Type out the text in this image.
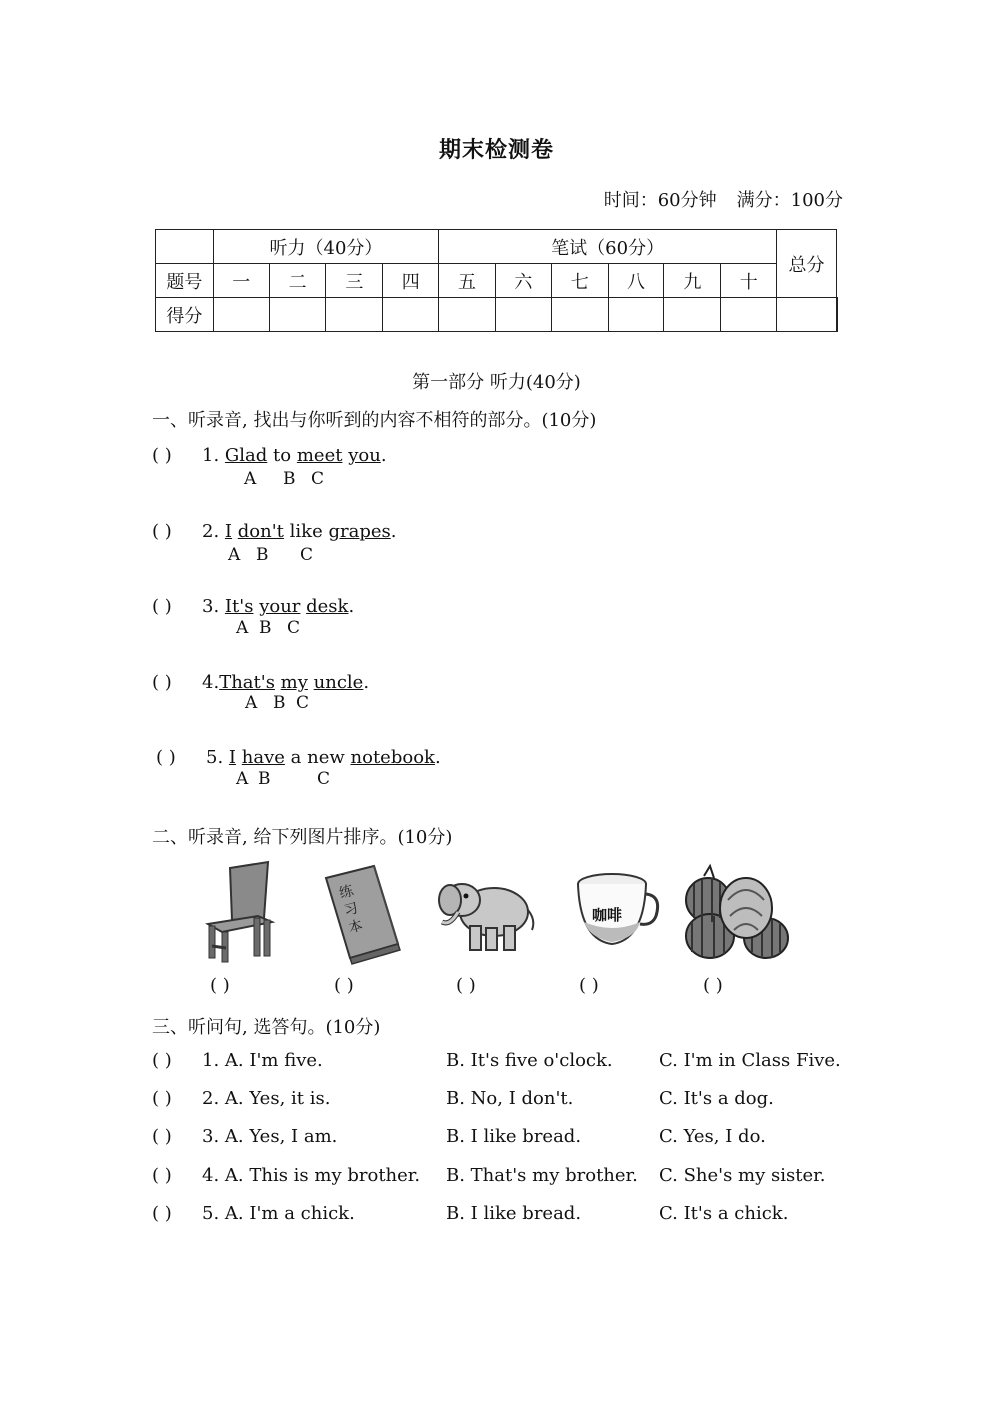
期末检测卷
时间：60分钟 满分：100分
	听力（40分）				笔试（60分）						总分	
题号	一	二	三	四	五	六	七	八	九	十		
得分												
第一部分 听力(40分)
一、听录音, 找出与你听到的内容不相符的部分。(10分)
( ) 1. Glad to meet you.
A B C
( ) 2. I don't like grapes.
A B C
( ) 3. It's your desk.
A B C
( ) 4.That's my uncle.
A B C
( ) 5. I have a new notebook.
A B	C
二、听录音, 给下列图片排序。(10分)
练习本
咖啡
( )	( )	( )	( )	( )
三、听问句, 选答句。(10分)
( ) 1. A. I'm five.	B. It's five o'clock.	C. I'm in Class Five.
( ) 2. A. Yes, it is.	B. No, I don't.	C. It's a dog.
( ) 3. A. Yes, I am.	B. I like bread.	C. Yes, I do.
( ) 4. A. This is my brother. B. That's my brother. C. She's my sister.
( ) 5. A. I'm a chick.	B. I like bread.	C. It's a chick.
